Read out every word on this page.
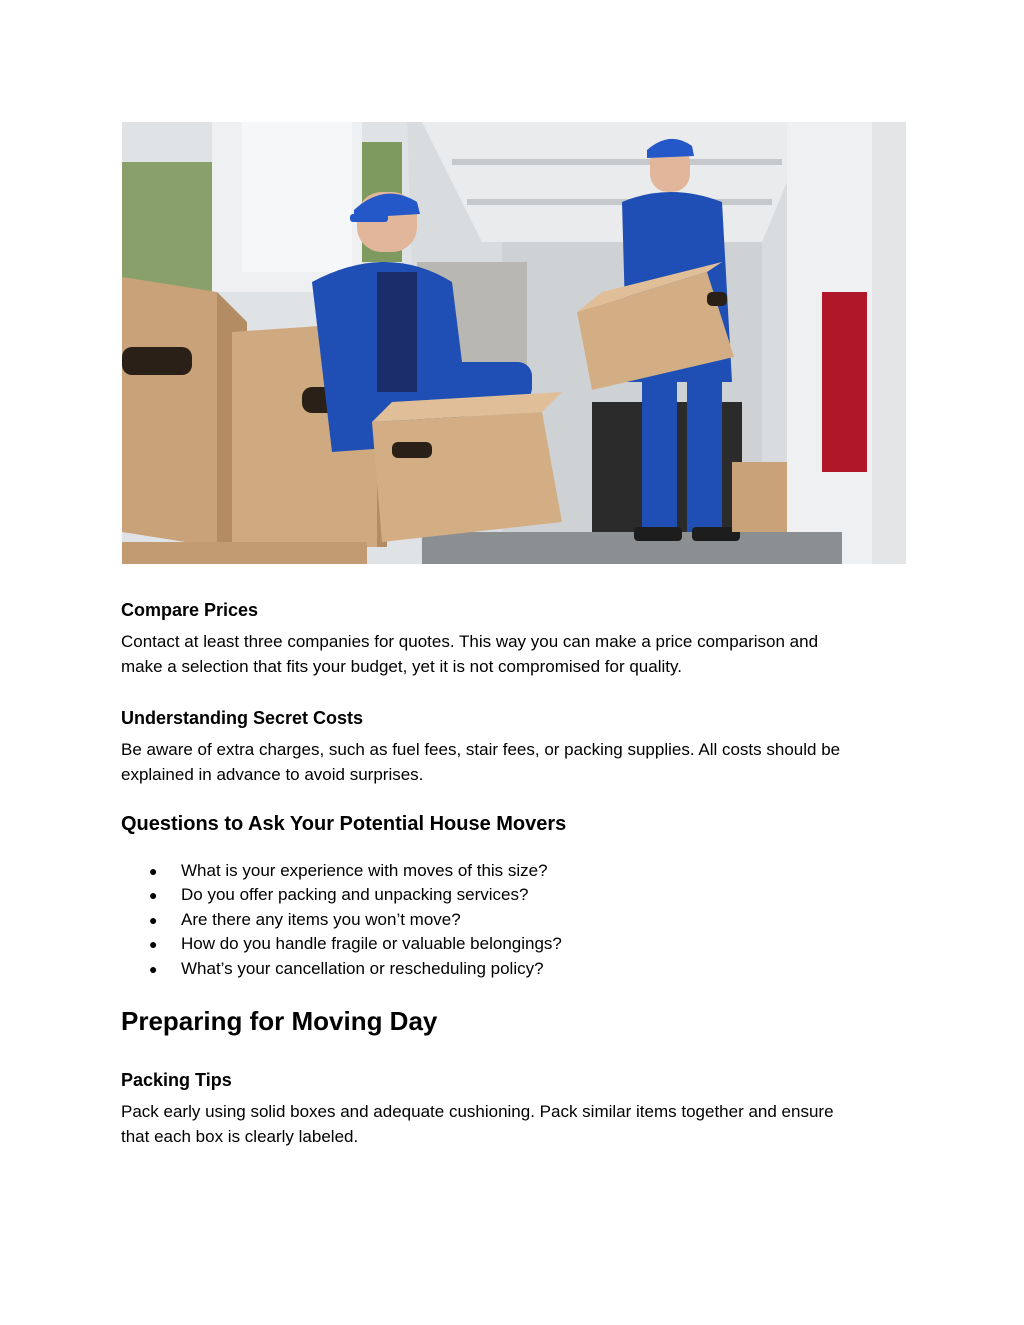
Compare Prices

Contact at least three companies for quotes. This way you can make a price comparison and
make a selection that fits your budget, yet it is not compromised for quality.

Understanding Secret Costs

Be aware of extra charges, such as fuel fees, stair fees, or packing supplies. All costs should be
explained in advance to avoid surprises.

Questions to Ask Your Potential House Movers
● What is your experience with moves of this size?
● Do you offer packing and unpacking services?
● Are there any items you won’t move?
● How do you handle fragile or valuable belongings?
● What’s your cancellation or rescheduling policy?
Preparing for Moving Day
Packing Tips

Pack early using solid boxes and adequate cushioning. Pack similar items together and ensure
that each box is clearly labeled.
